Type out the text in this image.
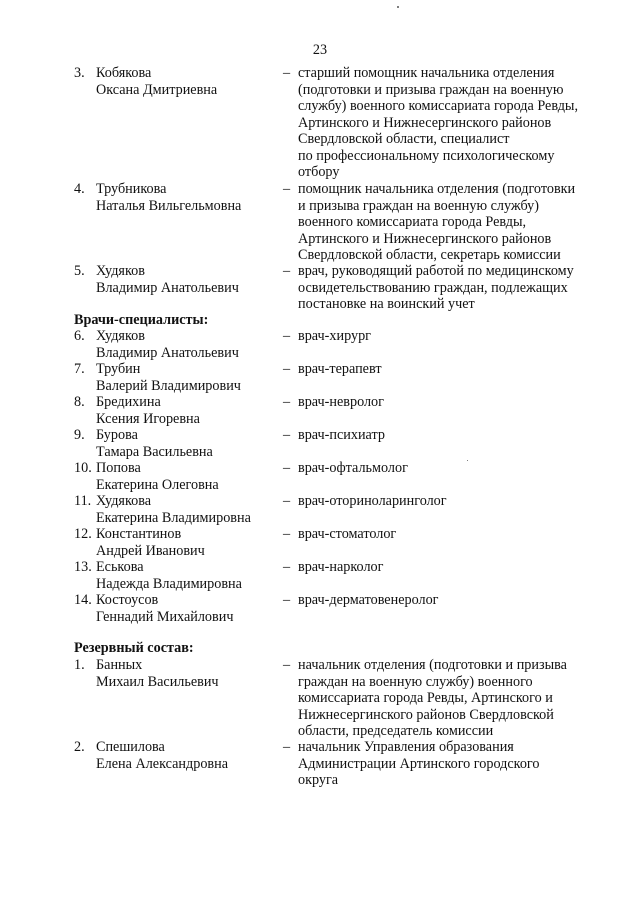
23
3. Кобякова
Оксана Дмитриевна
– старший помощник начальника отделения
(подготовки и призыва граждан на военную
службу) военного комиссариата города Ревды,
Артинского и Нижнесергинского районов
Свердловской области, специалист
по профессиональному психологическому
отбору
4. Трубникова
Наталья Вильгельмовна
– помощник начальника отделения (подготовки
и призыва граждан на военную службу)
военного комиссариата города Ревды,
Артинского и Нижнесергинского районов
Свердловской области, секретарь комиссии
5. Худяков
Владимир Анатольевич
– врач, руководящий работой по медицинскому
освидетельствованию граждан, подлежащих
постановке на воинский учет
Врачи-специалисты:
6. Худяков
Владимир Анатольевич
– врач-хирург
7. Трубин
Валерий Владимирович
– врач-терапевт
8. Бредихина
Ксения Игоревна
– врач-невролог
9. Бурова
Тамара Васильевна
– врач-психиатр
10. Попова
Екатерина Олеговна
– врач-офтальмолог
11. Худякова
Екатерина Владимировна
– врач-оториноларинголог
12. Константинов
Андрей Иванович
– врач-стоматолог
13. Еськова
Надежда Владимировна
– врач-нарколог
14. Костоусов
Геннадий Михайлович
– врач-дерматовенеролог
Резервный состав:
1. Банных
Михаил Васильевич
– начальник отделения (подготовки и призыва
граждан на военную службу) военного
комиссариата города Ревды, Артинского и
Нижнесергинского районов Свердловской
области, председатель комиссии
2. Спешилова
Елена Александровна
– начальник Управления образования
Администрации Артинского городского
округа
